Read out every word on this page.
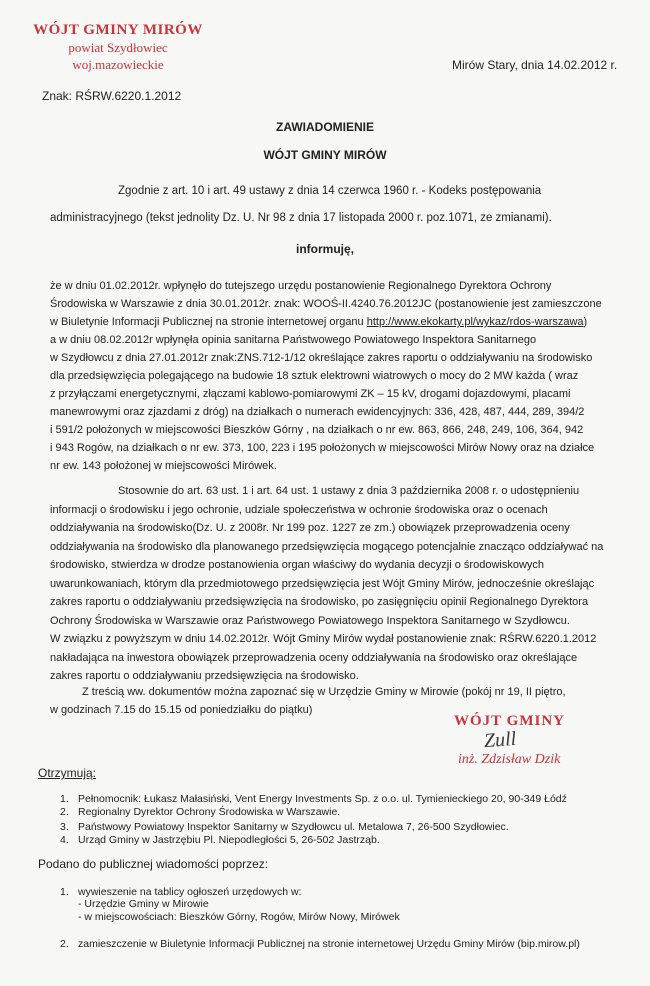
WÓJT GMINY MIRÓW
powiat Szydłowiec
woj.mazowieckie	Mirów Stary, dnia 14.02.2012 r.
Znak: RŚRW.6220.1.2012
ZAWIADOMIENIE
WÓJT GMINY MIRÓW
Zgodnie z art. 10 i art. 49 ustawy z dnia 14 czerwca 1960 r. - Kodeks postępowania
administracyjnego (tekst jednolity Dz. U. Nr 98 z dnia 17 listopada 2000 r. poz.1071, ze zmianami).
informuję,
że w dniu 01.02.2012r. wpłynęło do tutejszego urzędu postanowienie Regionalnego Dyrektora Ochrony
Środowiska w Warszawie z dnia 30.01.2012r. znak: WOOŚ-II.4240.76.2012JC (postanowienie jest zamieszczone
w Biuletynie Informacji Publicznej na stronie internetowej organu http://www.ekokarty.pl/wykaz/rdos-warszawa)
a w dniu 08.02.2012r wpłynęła opinia sanitarna Państwowego Powiatowego Inspektora Sanitarnego
w Szydłowcu z dnia 27.01.2012r znak:ZNS.712-1/12 określające zakres raportu o oddziaływaniu na środowisko
dla przedsięwzięcia polegającego na budowie 18 sztuk elektrowni wiatrowych o mocy do 2 MW każda ( wraz
z przyłączami energetycznymi, złączami kablowo-pomiarowymi ZK – 15 kV, drogami dojazdowymi, placami
manewrowymi oraz zjazdami z dróg) na działkach o numerach ewidencyjnych: 336, 428, 487, 444, 289, 394/2
i 591/2 położonych w miejscowości Bieszków Górny , na działkach o nr ew. 863, 866, 248, 249, 106, 364, 942
i 943 Rogów, na działkach o nr ew. 373, 100, 223 i 195 położonych w miejscowości Mirów Nowy oraz na działce
nr ew. 143 położonej w miejscowości Mirówek.
Stosownie do art. 63 ust. 1 i art. 64 ust. 1 ustawy z dnia 3 października 2008 r. o udostępnieniu
informacji o środowisku i jego ochronie, udziale społeczeństwa w ochronie środowiska oraz o ocenach
oddziaływania na środowisko(Dz. U. z 2008r. Nr 199 poz. 1227 ze zm.) obowiązek przeprowadzenia oceny
oddziaływania na środowisko dla planowanego przedsięwzięcia mogącego potencjalnie znacząco oddziaływać na
środowisko, stwierdza w drodze postanowienia organ właściwy do wydania decyzji o środowiskowych
uwarunkowaniach, którym dla przedmiotowego przedsięwzięcia jest Wójt Gminy Mirów, jednocześnie określając
zakres raportu o oddziaływaniu przedsięwzięcia na środowisko, po zasięgnięciu opinii Regionalnego Dyrektora
Ochrony Środowiska w Warszawie oraz Państwowego Powiatowego Inspektora Sanitarnego w Szydłowcu.
W związku z powyższym w dniu 14.02.2012r. Wójt Gminy Mirów wydał postanowienie znak: RŚRW.6220.1.2012
nakładająca na inwestora obowiązek przeprowadzenia oceny oddziaływania na środowisko oraz określające
zakres raportu o oddziaływaniu przedsięwzięcia na środowisko.
Z treścią ww. dokumentów można zapoznać się w Urzędzie Gminy w Mirowie (pokój nr 19, II piętro,
w godzinach 7.15 do 15.15 od poniedziałku do piątku)
WÓJT GMINY
Zull
inż. Zdzisław Dzik
Otrzymują:
1. Pełnomocnik: Łukasz Małasiński, Vent Energy Investments Sp. z o.o. ul. Tymienieckiego 20, 90-349 Łódź
2. Regionalny Dyrektor Ochrony Środowiska w Warszawie.
3. Państwowy Powiatowy Inspektor Sanitarny w Szydłowcu ul. Metalowa 7, 26-500 Szydłowiec.
4. Urząd Gminy w Jastrzębiu Pl. Niepodległości 5, 26-502 Jastrząb.
Podano do publicznej wiadomości poprzez:
1. wywieszenie na tablicy ogłoszeń urzędowych w:
- Urzędzie Gminy w Mirowie
- w miejscowościach: Bieszków Górny, Rogów, Mirów Nowy, Mirówek
2. zamieszczenie w Biuletynie Informacji Publicznej na stronie internetowej Urzędu Gminy Mirów (bip.mirow.pl)
